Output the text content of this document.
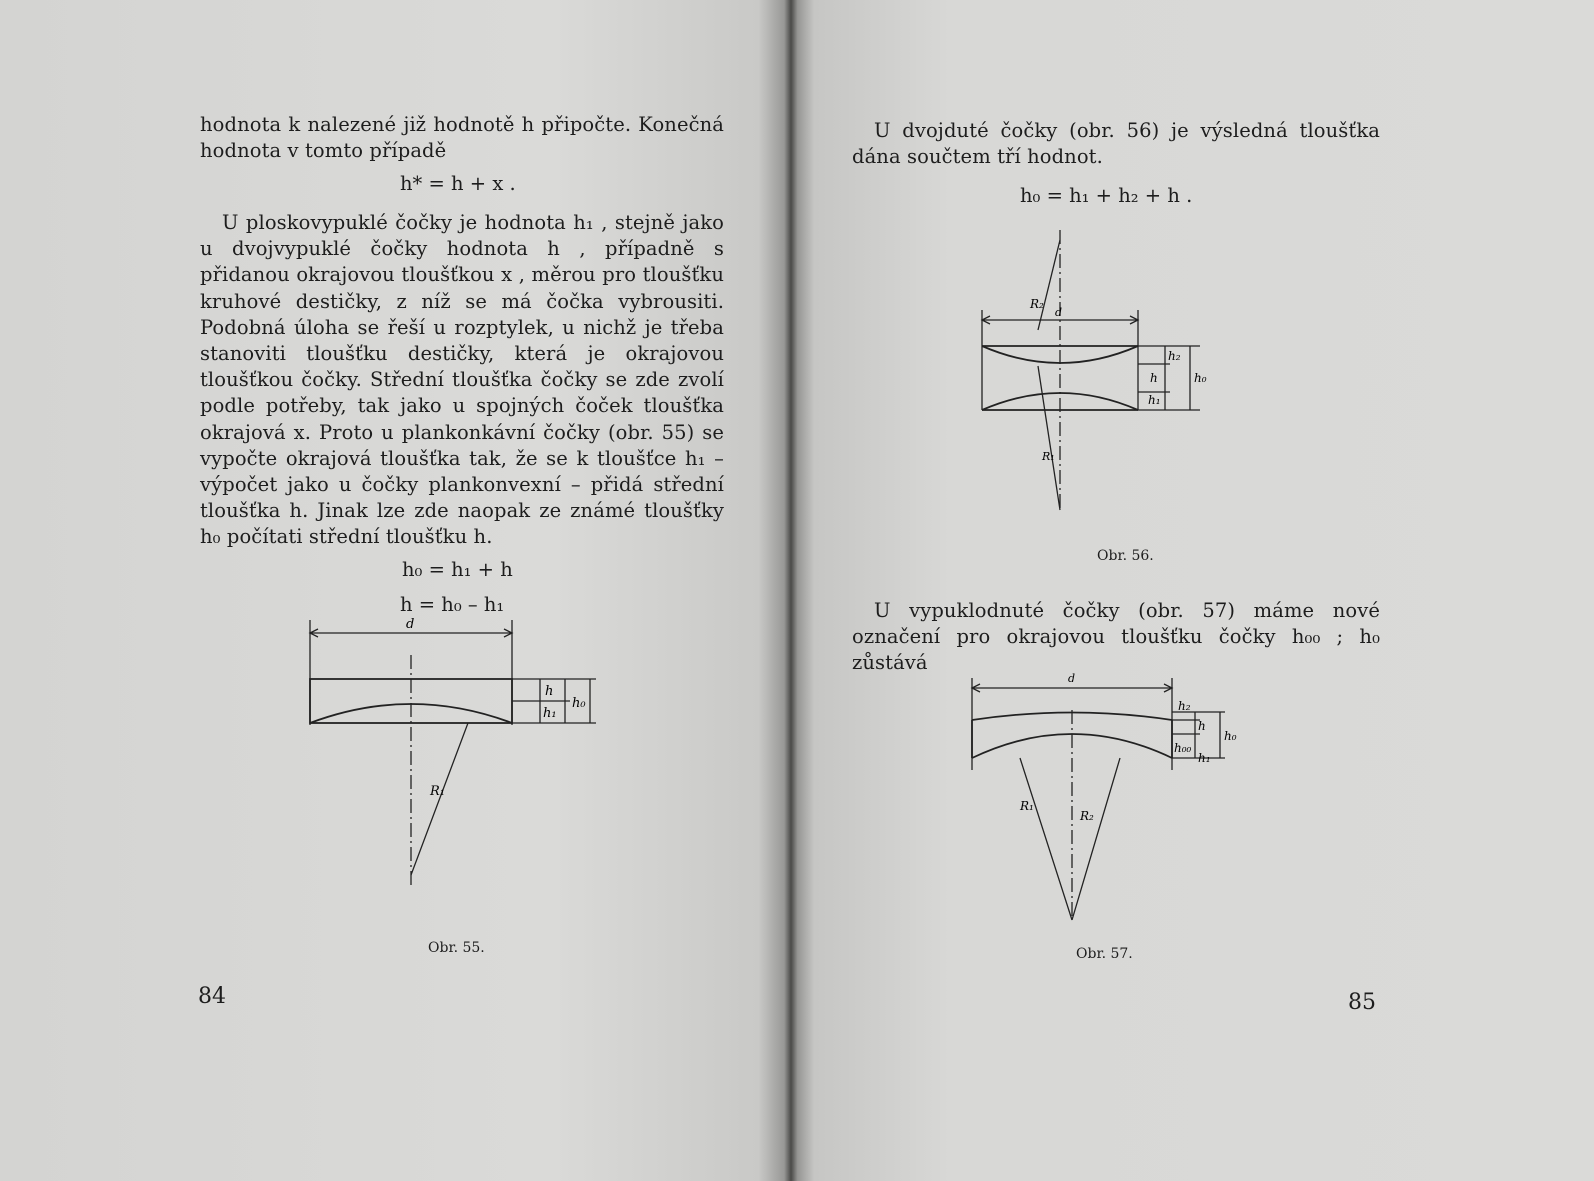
hodnota k nalezené již hodnotě h připočte. Konečná hodnota v tomto případě

h* = h + x .

U ploskovypuklé čočky je hodnota h₁ , stejně jako u dvojvypuklé čočky hodnota h , případně s přidanou okrajovou tloušťkou x , měrou pro tloušťku kruhové destičky, z níž se má čočka vybrousiti. Podobná úloha se řeší u rozptylek, u nichž je třeba stanoviti tloušťku destičky, která je okrajovou tloušťkou čočky. Střední tloušťka čočky se zde zvolí podle potřeby, tak jako u spojných čoček tloušťka okrajová x. Proto u plankonkávní čočky (obr. 55) se vypočte okrajová tloušťka tak, že se k tloušťce h₁ – výpočet jako u čočky plankonvexní – přidá střední tloušťka h. Jinak lze zde naopak ze známé tloušťky h₀ počítati střední tloušťku h.

h₀ = h₁ + h
h = h₀ – h₁
d
h
h₁
h₀
R₁
Obr. 55.
84

U dvojduté čočky (obr. 56) je výsledná tloušťka dána součtem tří hodnot.

h₀ = h₁ + h₂ + h .
d
R₂
R₁
h₂
h
h₁
h₀
Obr. 56.

U vypuklodnuté čočky (obr. 57) máme nové označení pro okrajovou tloušťku čočky h₀₀ ; h₀ zůstává

d
h₂
h
h₀₀
h₁
h₀
R₁
R₂
Obr. 57.
85
